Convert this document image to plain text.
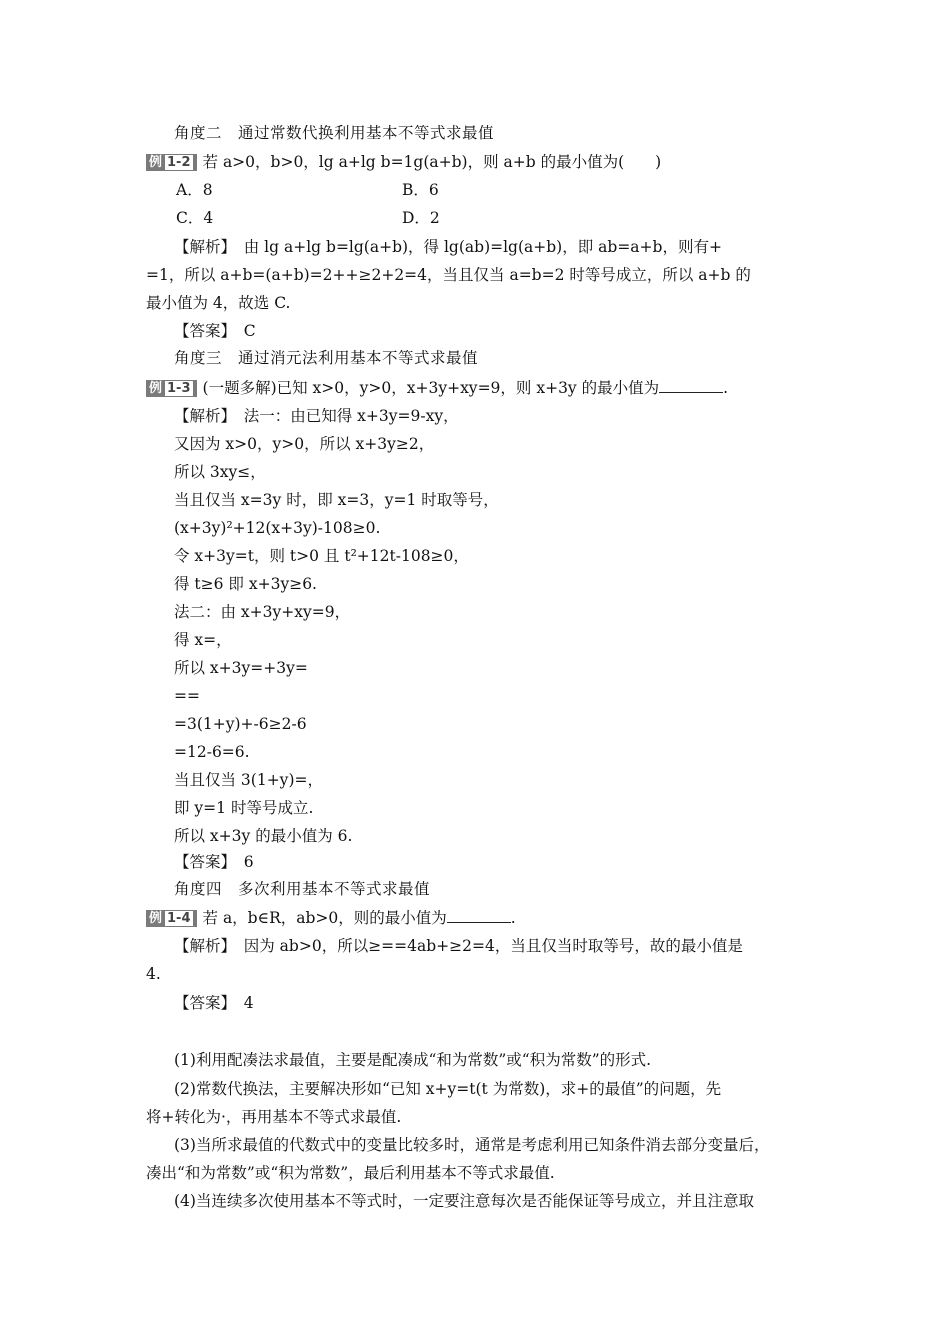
角度二　通过常数代换利用基本不等式求最值
例 1-2 若 a>0，b>0，lg a+lg b=1g(a+b)，则 a+b 的最小值为(　　)
A．8	B．6
C．4	D．2
【解析】　由 lg a+lg b=lg(a+b)，得 lg(ab)=lg(a+b)，即 ab=a+b，则有+
=1，所以 a+b=(a+b)=2++≥2+2=4，当且仅当 a=b=2 时等号成立，所以 a+b 的
最小值为 4，故选 C.
【答案】　C
角度三　通过消元法利用基本不等式求最值
例 1-3 (一题多解)已知 x>0，y>0，x+3y+xy=9，则 x+3y 的最小值为	.
【解析】　法一：由已知得 x+3y=9-xy，
又因为 x>0，y>0，所以 x+3y≥2，
所以 3xy≤，
当且仅当 x=3y 时，即 x=3，y=1 时取等号，
(x+3y)²+12(x+3y)-108≥0.
令 x+3y=t，则 t>0 且 t²+12t-108≥0，
得 t≥6 即 x+3y≥6.
法二：由 x+3y+xy=9，
得 x=，
所以 x+3y=+3y=
==
=3(1+y)+-6≥2-6
=12-6=6.
当且仅当 3(1+y)=，
即 y=1 时等号成立.
所以 x+3y 的最小值为 6.
【答案】　6
角度四　多次利用基本不等式求最值
例 1-4 若 a，b∈R，ab>0，则的最小值为	.
【解析】　因为 ab>0，所以≥==4ab+≥2=4，当且仅当时取等号，故的最小值是
4.
【答案】　4
(1)利用配凑法求最值，主要是配凑成“和为常数”或“积为常数”的形式.
(2)常数代换法，主要解决形如“已知 x+y=t(t 为常数)，求+的最值”的问题，先
将+转化为·，再用基本不等式求最值.
(3)当所求最值的代数式中的变量比较多时，通常是考虑利用已知条件消去部分变量后，
凑出“和为常数”或“积为常数”，最后利用基本不等式求最值.
(4)当连续多次使用基本不等式时，一定要注意每次是否能保证等号成立，并且注意取
